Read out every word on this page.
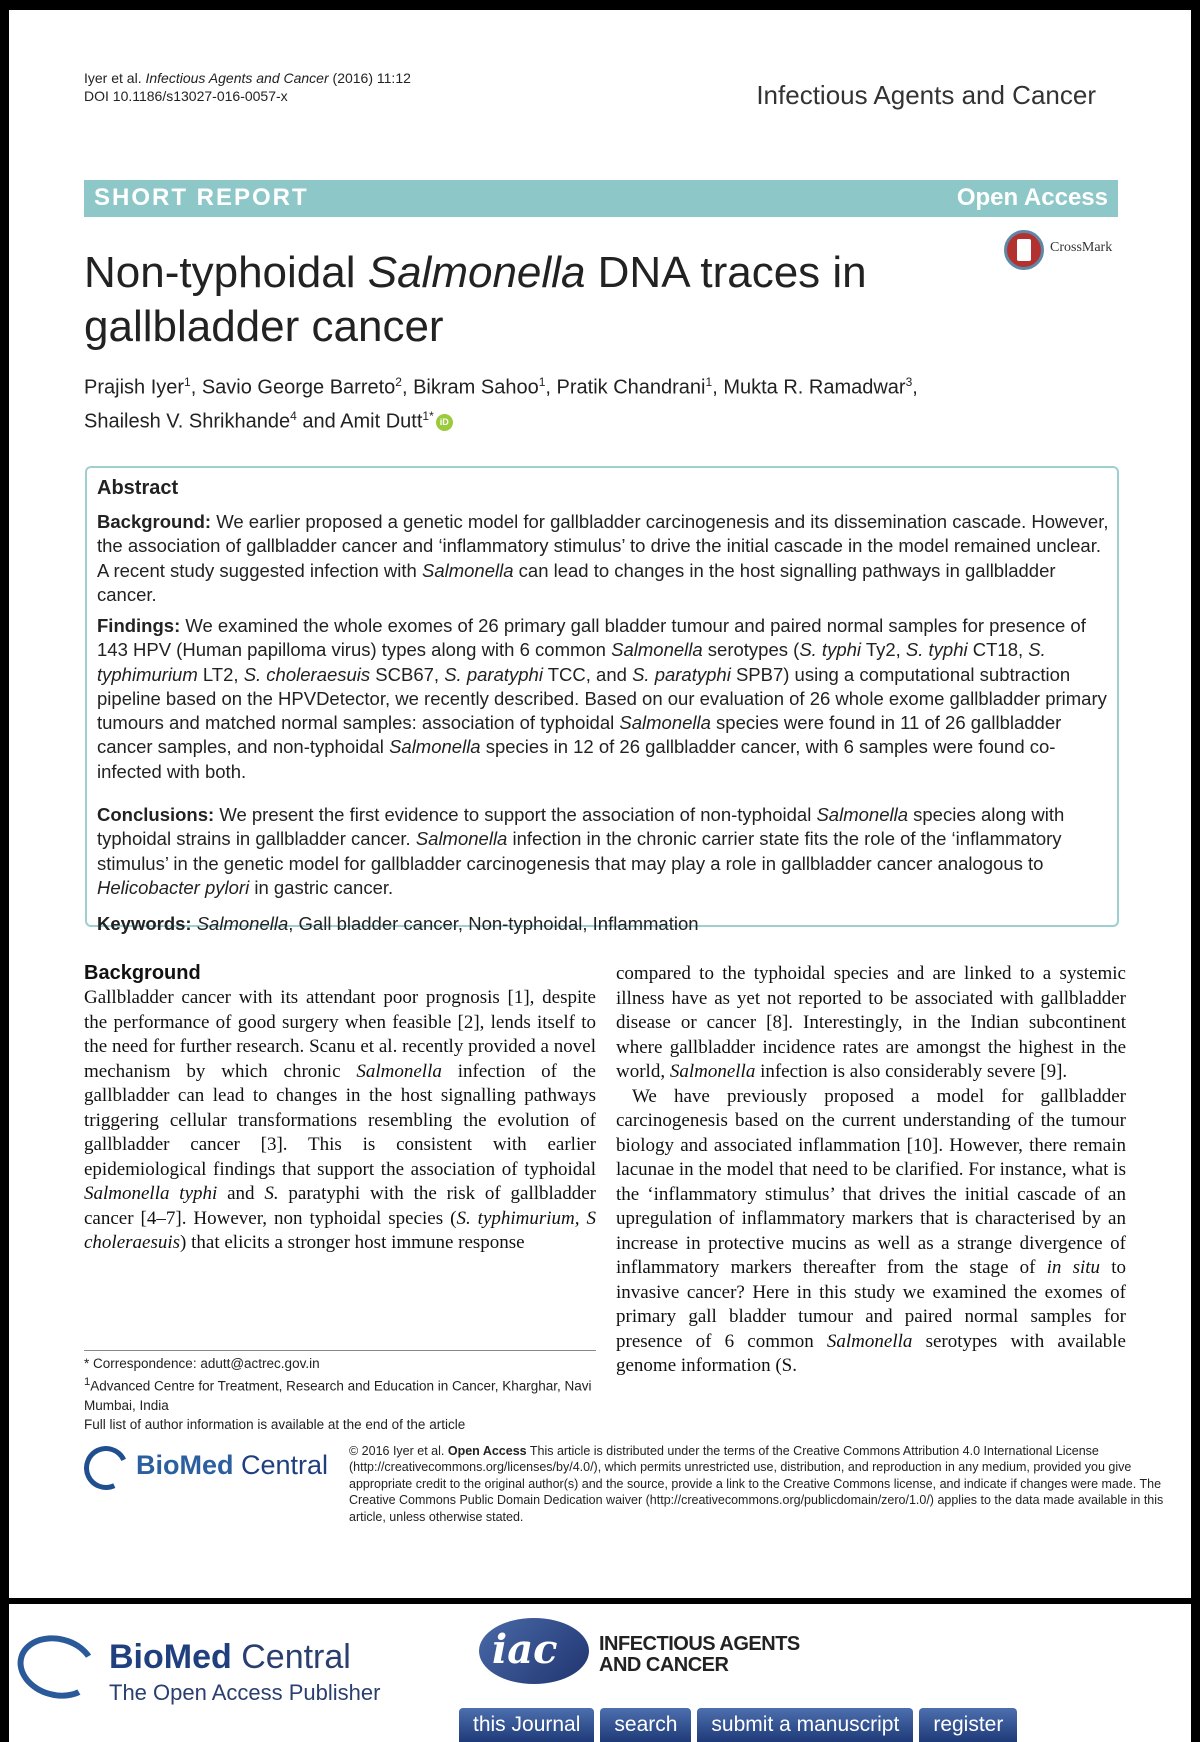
Iyer et al. Infectious Agents and Cancer (2016) 11:12
DOI 10.1186/s13027-016-0057-x	Infectious Agents and Cancer
SHORT REPORT	Open Access
CrossMark
Non-typhoidal Salmonella DNA traces in gallbladder cancer
Prajish Iyer$^1$, Savio George Barreto$^2$, Bikram Sahoo$^1$, Pratik Chandrani$^1$, Mukta R. Ramadwar$^3$,
Shailesh V. Shrikhande$^4$ and Amit Dutt$^{1*}$ iD
Abstract

Background: We earlier proposed a genetic model for gallbladder carcinogenesis and its dissemination cascade. However, the association of gallbladder cancer and ‘inflammatory stimulus’ to drive the initial cascade in the model remained unclear. A recent study suggested infection with Salmonella can lead to changes in the host signalling pathways in gallbladder cancer.

Findings: We examined the whole exomes of 26 primary gall bladder tumour and paired normal samples for presence of 143 HPV (Human papilloma virus) types along with 6 common Salmonella serotypes (S. typhi Ty2, S. typhi CT18, S. typhimurium LT2, S. choleraesuis SCB67, S. paratyphi TCC, and S. paratyphi SPB7) using a computational subtraction pipeline based on the HPVDetector, we recently described. Based on our evaluation of 26 whole exome gallbladder primary tumours and matched normal samples: association of typhoidal Salmonella species were found in 11 of 26 gallbladder cancer samples, and non-typhoidal Salmonella species in 12 of 26 gallbladder cancer, with 6 samples were found co-infected with both.

Conclusions: We present the first evidence to support the association of non-typhoidal Salmonella species along with typhoidal strains in gallbladder cancer. Salmonella infection in the chronic carrier state fits the role of the ‘inflammatory stimulus’ in the genetic model for gallbladder carcinogenesis that may play a role in gallbladder cancer analogous to Helicobacter pylori in gastric cancer.

Keywords: Salmonella, Gall bladder cancer, Non-typhoidal, Inflammation

Background

Gallbladder cancer with its attendant poor prognosis [1], despite the performance of good surgery when feasible [2], lends itself to the need for further research. Scanu et al. recently provided a novel mechanism by which chronic Salmonella infection of the gallbladder can lead to changes in the host signalling pathways triggering cellular transformations resembling the evolution of gallbladder cancer [3]. This is consistent with earlier epidemiological findings that support the association of typhoidal Salmonella typhi and S. paratyphi with the risk of gallbladder cancer [4–7]. However, non typhoidal species (S. typhimurium, S choleraesuis) that elicits a stronger host immune response

compared to the typhoidal species and are linked to a systemic illness have as yet not reported to be associated with gallbladder disease or cancer [8]. Interestingly, in the Indian subcontinent where gallbladder incidence rates are amongst the highest in the world, Salmonella infection is also considerably severe [9].

We have previously proposed a model for gallbladder carcinogenesis based on the current understanding of the tumour biology and associated inflammation [10]. However, there remain lacunae in the model that need to be clarified. For instance, what is the ‘inflammatory stimulus’ that drives the initial cascade of an upregulation of inflammatory markers that is characterised by an increase in protective mucins as well as a strange divergence of inflammatory markers thereafter from the stage of in situ to invasive cancer? Here in this study we examined the exomes of primary gall bladder tumour and paired normal samples for presence of 6 common Salmonella serotypes with available genome information (S.

* Correspondence: adutt@actrec.gov.in
$^1$Advanced Centre for Treatment, Research and Education in Cancer, Kharghar, Navi Mumbai, India
Full list of author information is available at the end of the article
BioMed Central © 2016 Iyer et al. Open Access This article is distributed under the terms of the Creative Commons Attribution 4.0 International License (http://creativecommons.org/licenses/by/4.0/), which permits unrestricted use, distribution, and reproduction in any medium, provided you give appropriate credit to the original author(s) and the source, provide a link to the Creative Commons license, and indicate if changes were made. The Creative Commons Public Domain Dedication waiver (http://creativecommons.org/publicdomain/zero/1.0/) applies to the data made available in this article, unless otherwise stated.

BioMed Central
The Open Access Publisher
iac INFECTIOUS AGENTS
AND CANCER
this Journal	search	submit a manuscript	register
